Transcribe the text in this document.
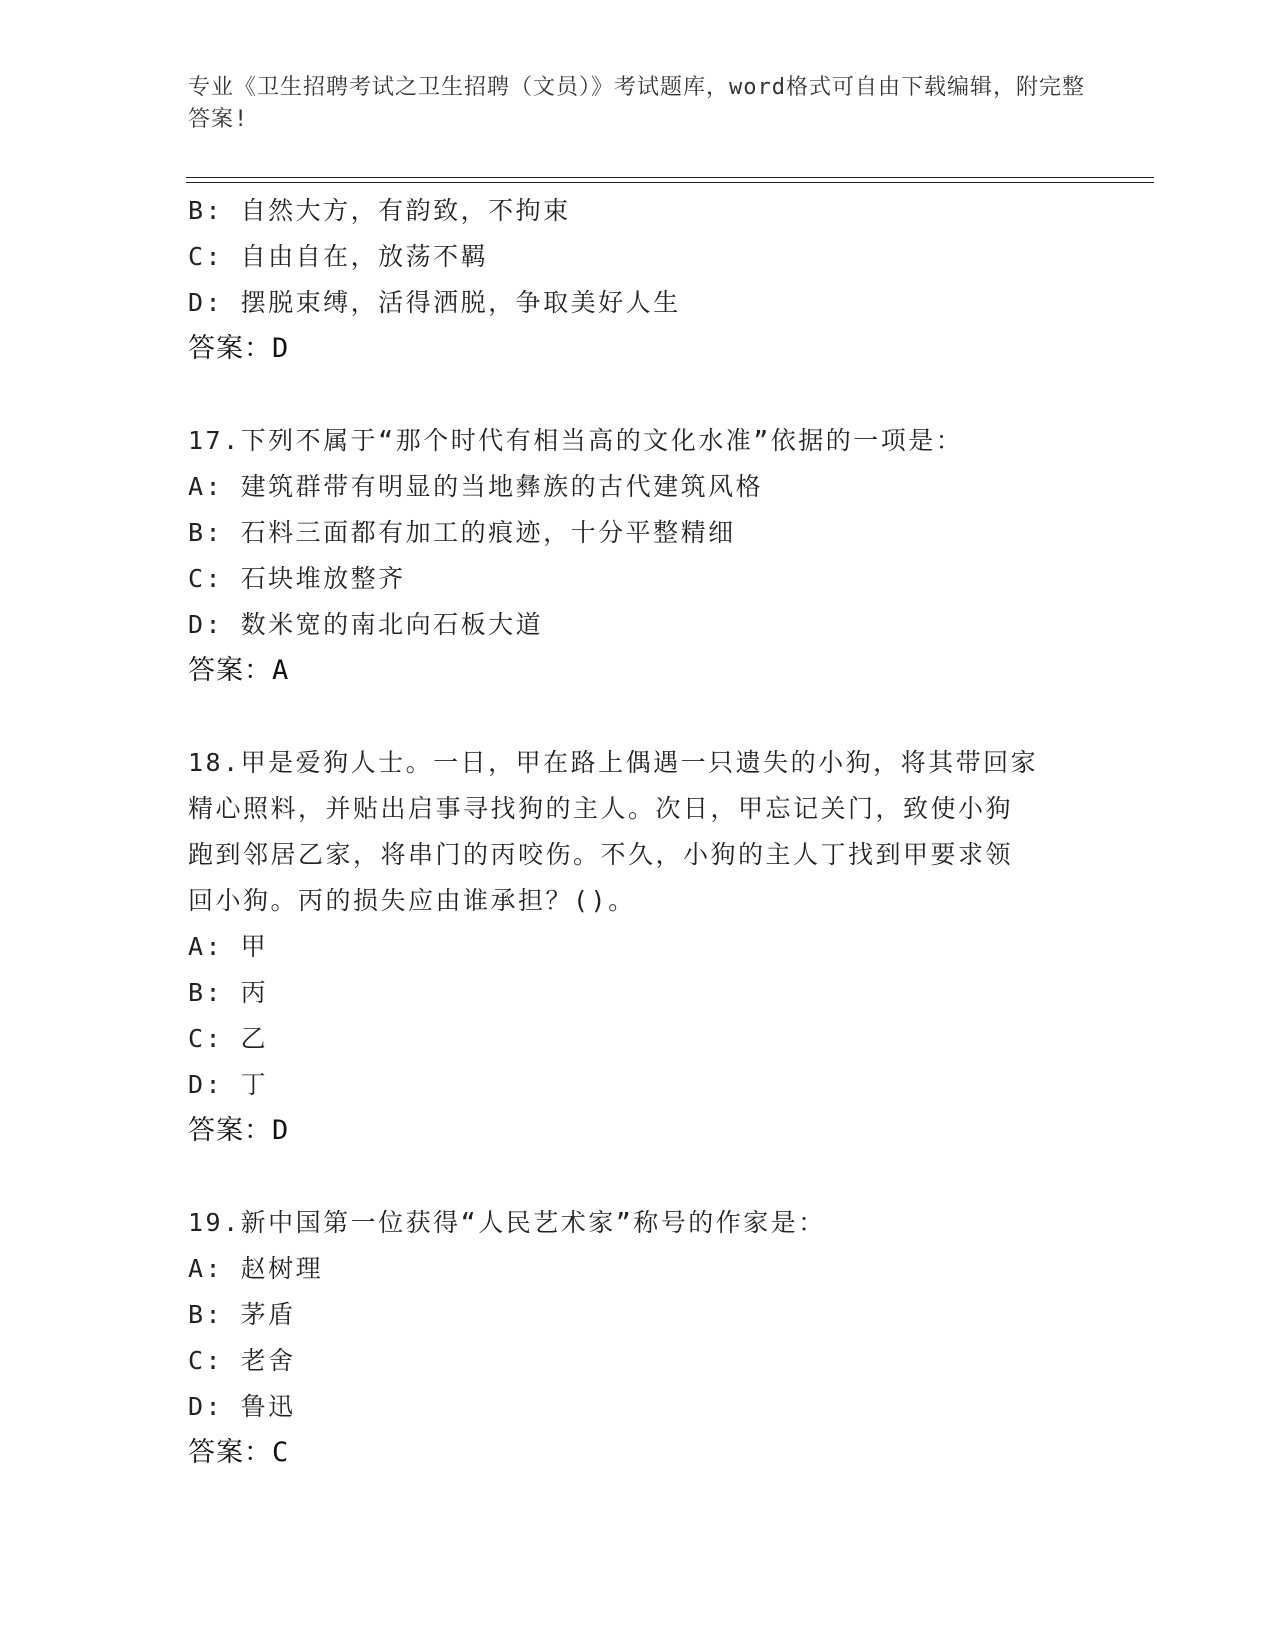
专业《卫生招聘考试之卫生招聘（文员）》考试题库，word格式可自由下载编辑，附完整答案!
B: 自然大方，有韵致，不拘束
C: 自由自在，放荡不羁
D: 摆脱束缚，活得洒脱，争取美好人生
答案：D
17.下列不属于“那个时代有相当高的文化水准”依据的一项是：
A: 建筑群带有明显的当地彝族的古代建筑风格
B: 石料三面都有加工的痕迹，十分平整精细
C: 石块堆放整齐
D: 数米宽的南北向石板大道
答案：A
18.甲是爱狗人士。一日，甲在路上偶遇一只遗失的小狗，将其带回家
精心照料，并贴出启事寻找狗的主人。次日，甲忘记关门，致使小狗
跑到邻居乙家，将串门的丙咬伤。不久，小狗的主人丁找到甲要求领
回小狗。丙的损失应由谁承担？()。
A: 甲
B: 丙
C: 乙
D: 丁
答案：D
19.新中国第一位获得“人民艺术家”称号的作家是：
A: 赵树理
B: 茅盾
C: 老舍
D: 鲁迅
答案：C
